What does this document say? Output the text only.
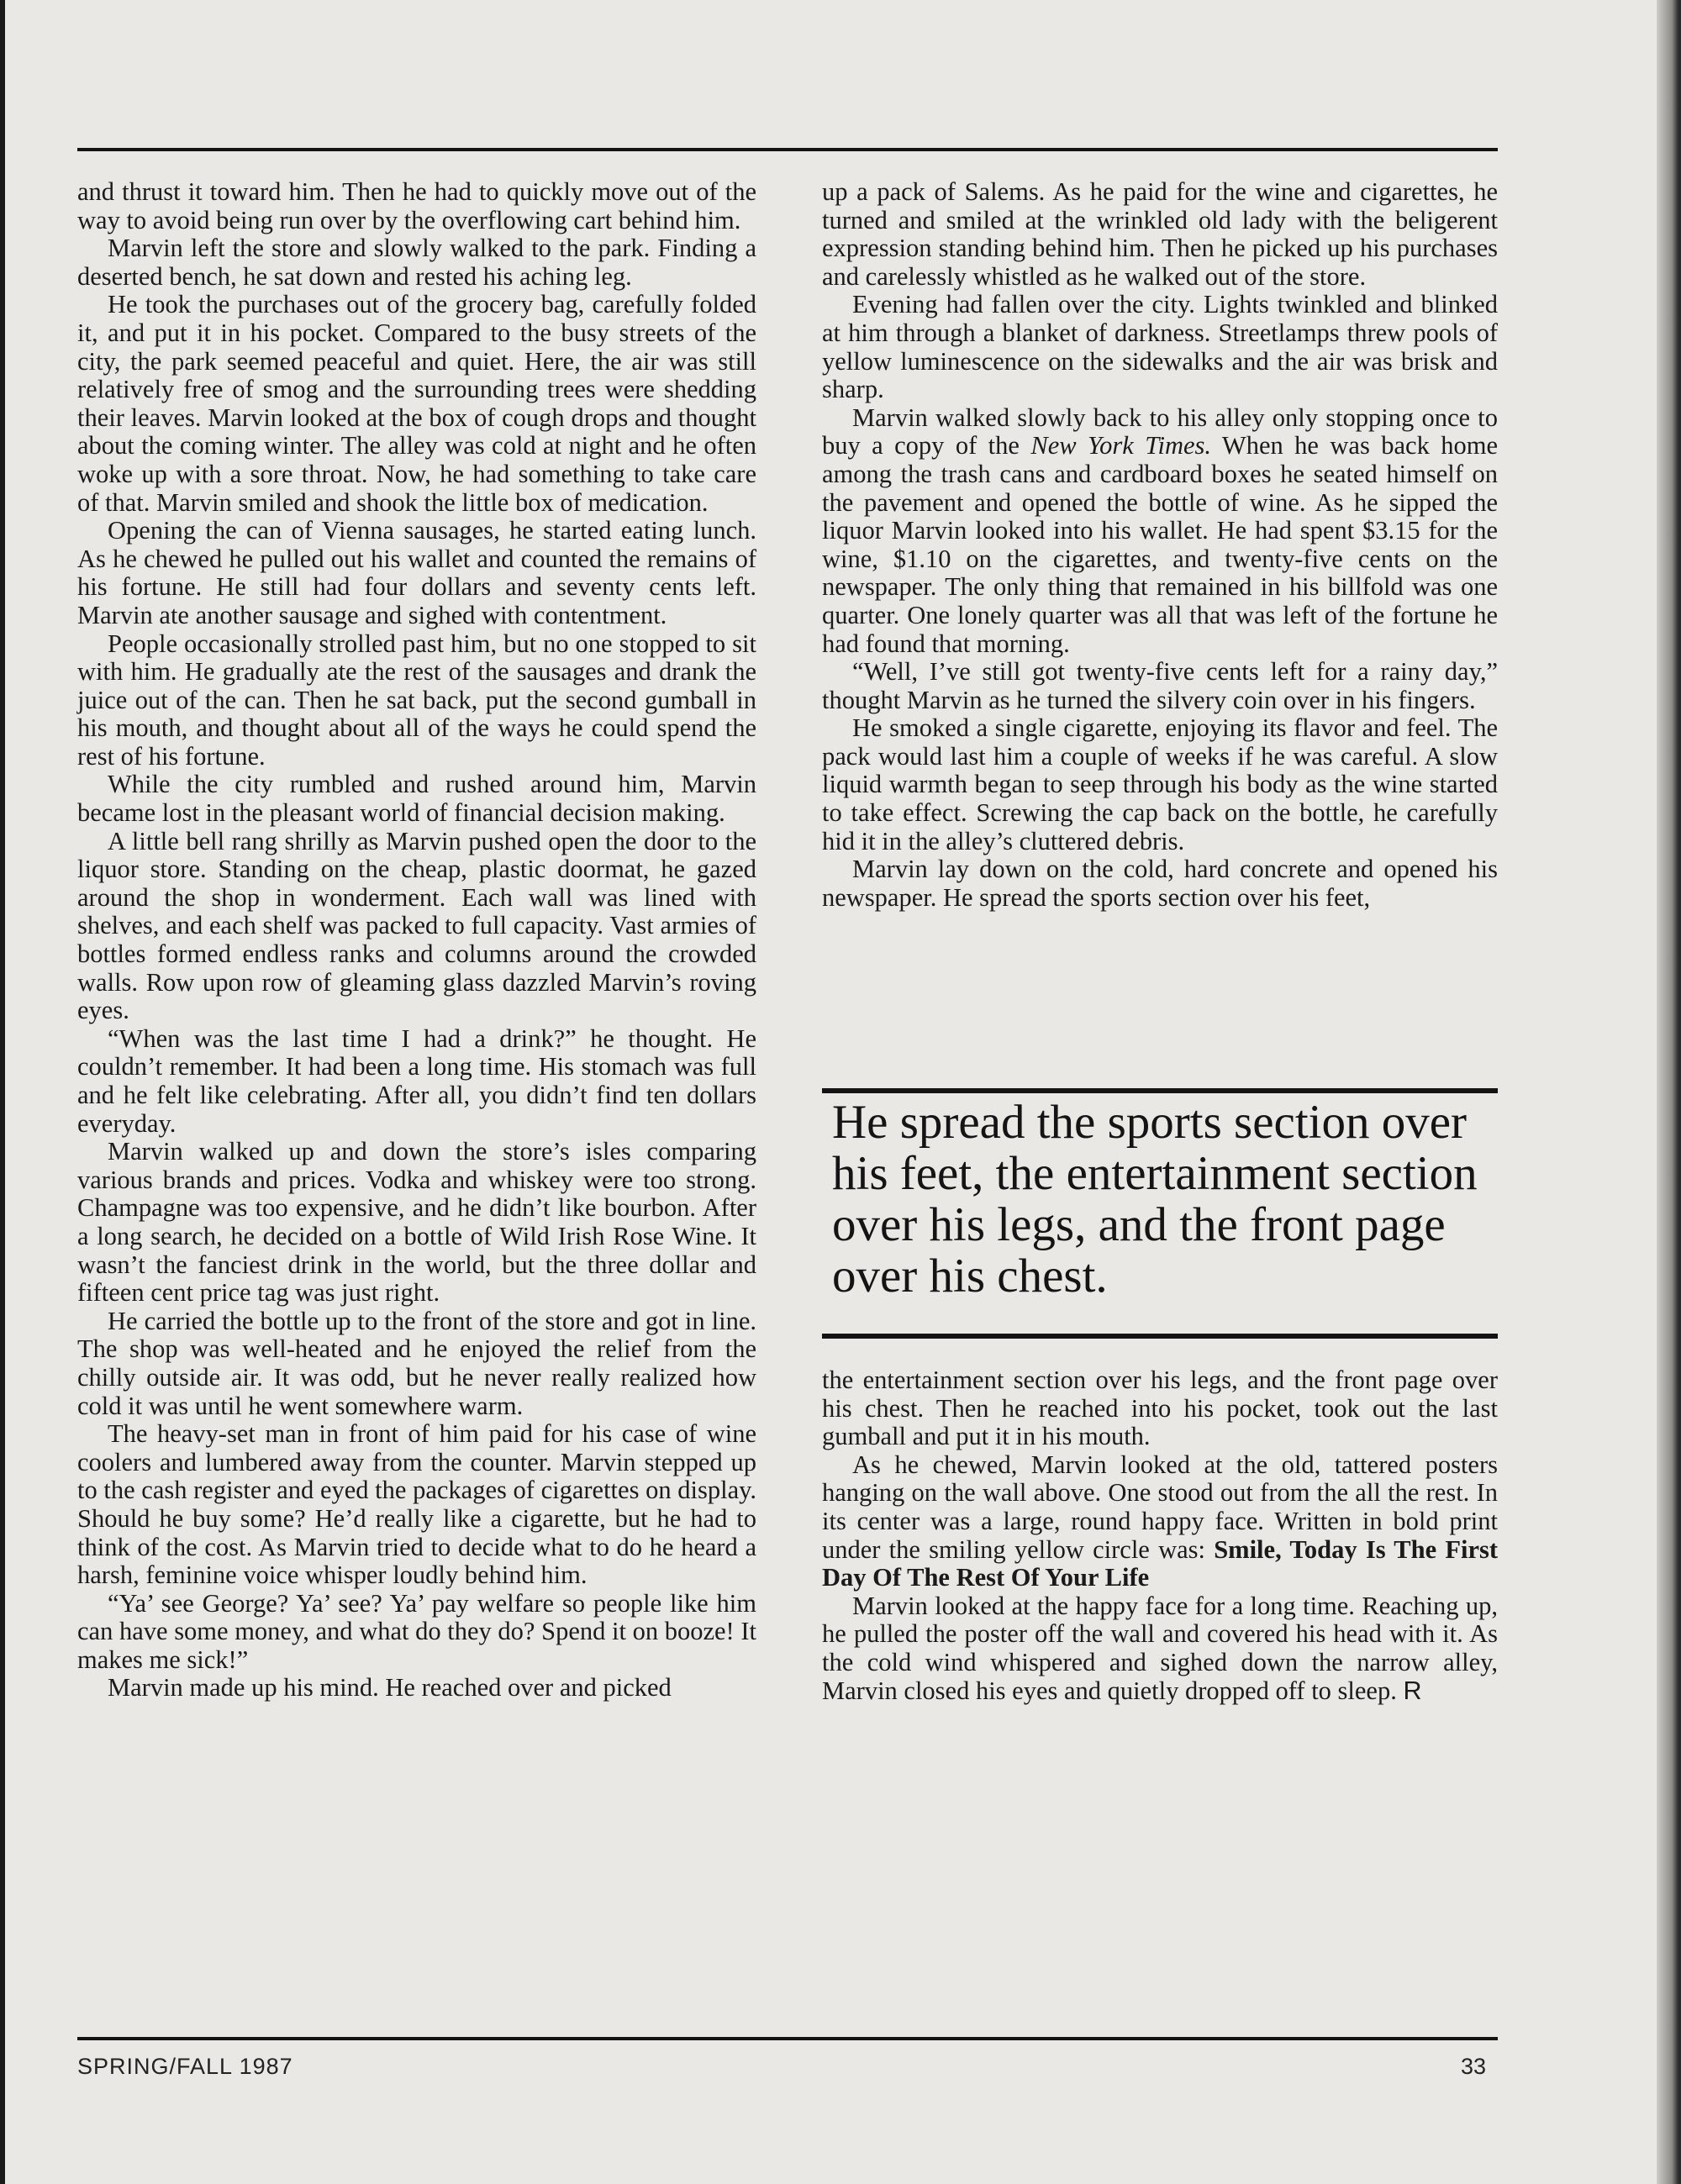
and thrust it toward him. Then he had to quickly move out of the way to avoid being run over by the overflowing cart behind him.

Marvin left the store and slowly walked to the park. Finding a deserted bench, he sat down and rested his aching leg.

He took the purchases out of the grocery bag, carefully folded it, and put it in his pocket. Compared to the busy streets of the city, the park seemed peaceful and quiet. Here, the air was still relatively free of smog and the surrounding trees were shedding their leaves. Marvin looked at the box of cough drops and thought about the coming winter. The alley was cold at night and he often woke up with a sore throat. Now, he had something to take care of that. Marvin smiled and shook the little box of medication.

Opening the can of Vienna sausages, he started eating lunch. As he chewed he pulled out his wallet and counted the remains of his fortune. He still had four dollars and seventy cents left. Marvin ate another sausage and sighed with contentment.

People occasionally strolled past him, but no one stopped to sit with him. He gradually ate the rest of the sausages and drank the juice out of the can. Then he sat back, put the second gumball in his mouth, and thought about all of the ways he could spend the rest of his fortune.

While the city rumbled and rushed around him, Marvin became lost in the pleasant world of financial decision making.

A little bell rang shrilly as Marvin pushed open the door to the liquor store. Standing on the cheap, plastic doormat, he gazed around the shop in wonderment. Each wall was lined with shelves, and each shelf was packed to full capacity. Vast armies of bottles formed endless ranks and columns around the crowded walls. Row upon row of gleaming glass dazzled Marvin’s roving eyes.

“When was the last time I had a drink?” he thought. He couldn’t remember. It had been a long time. His stomach was full and he felt like celebrating. After all, you didn’t find ten dollars everyday.

Marvin walked up and down the store’s isles comparing various brands and prices. Vodka and whiskey were too strong. Champagne was too expensive, and he didn’t like bourbon. After a long search, he decided on a bottle of Wild Irish Rose Wine. It wasn’t the fanciest drink in the world, but the three dollar and fifteen cent price tag was just right.

He carried the bottle up to the front of the store and got in line. The shop was well-heated and he enjoyed the relief from the chilly outside air. It was odd, but he never really realized how cold it was until he went somewhere warm.

The heavy-set man in front of him paid for his case of wine coolers and lumbered away from the counter. Marvin stepped up to the cash register and eyed the packages of cigarettes on display. Should he buy some? He’d really like a cigarette, but he had to think of the cost. As Marvin tried to decide what to do he heard a harsh, feminine voice whisper loudly behind him.

“Ya’ see George? Ya’ see? Ya’ pay welfare so people like him can have some money, and what do they do? Spend it on booze! It makes me sick!”

Marvin made up his mind. He reached over and picked

up a pack of Salems. As he paid for the wine and cigarettes, he turned and smiled at the wrinkled old lady with the beligerent expression standing behind him. Then he picked up his purchases and carelessly whistled as he walked out of the store.

Evening had fallen over the city. Lights twinkled and blinked at him through a blanket of darkness. Streetlamps threw pools of yellow luminescence on the sidewalks and the air was brisk and sharp.

Marvin walked slowly back to his alley only stopping once to buy a copy of the New York Times. When he was back home among the trash cans and cardboard boxes he seated himself on the pavement and opened the bottle of wine. As he sipped the liquor Marvin looked into his wallet. He had spent $3.15 for the wine, $1.10 on the cigarettes, and twenty-five cents on the newspaper. The only thing that remained in his billfold was one quarter. One lonely quarter was all that was left of the fortune he had found that morning.

“Well, I’ve still got twenty-five cents left for a rainy day,” thought Marvin as he turned the silvery coin over in his fingers.

He smoked a single cigarette, enjoying its flavor and feel. The pack would last him a couple of weeks if he was careful. A slow liquid warmth began to seep through his body as the wine started to take effect. Screwing the cap back on the bottle, he carefully hid it in the alley’s cluttered debris.

Marvin lay down on the cold, hard concrete and opened his newspaper. He spread the sports section over his feet,

He spread the sports section over his feet, the entertainment section over his legs, and the front page over his chest.

the entertainment section over his legs, and the front page over his chest. Then he reached into his pocket, took out the last gumball and put it in his mouth.

As he chewed, Marvin looked at the old, tattered posters hanging on the wall above. One stood out from the all the rest. In its center was a large, round happy face. Written in bold print under the smiling yellow circle was: Smile, Today Is The First Day Of The Rest Of Your Life

Marvin looked at the happy face for a long time. Reaching up, he pulled the poster off the wall and covered his head with it. As the cold wind whispered and sighed down the narrow alley, Marvin closed his eyes and quietly dropped off to sleep. R

SPRING/FALL 1987	33
